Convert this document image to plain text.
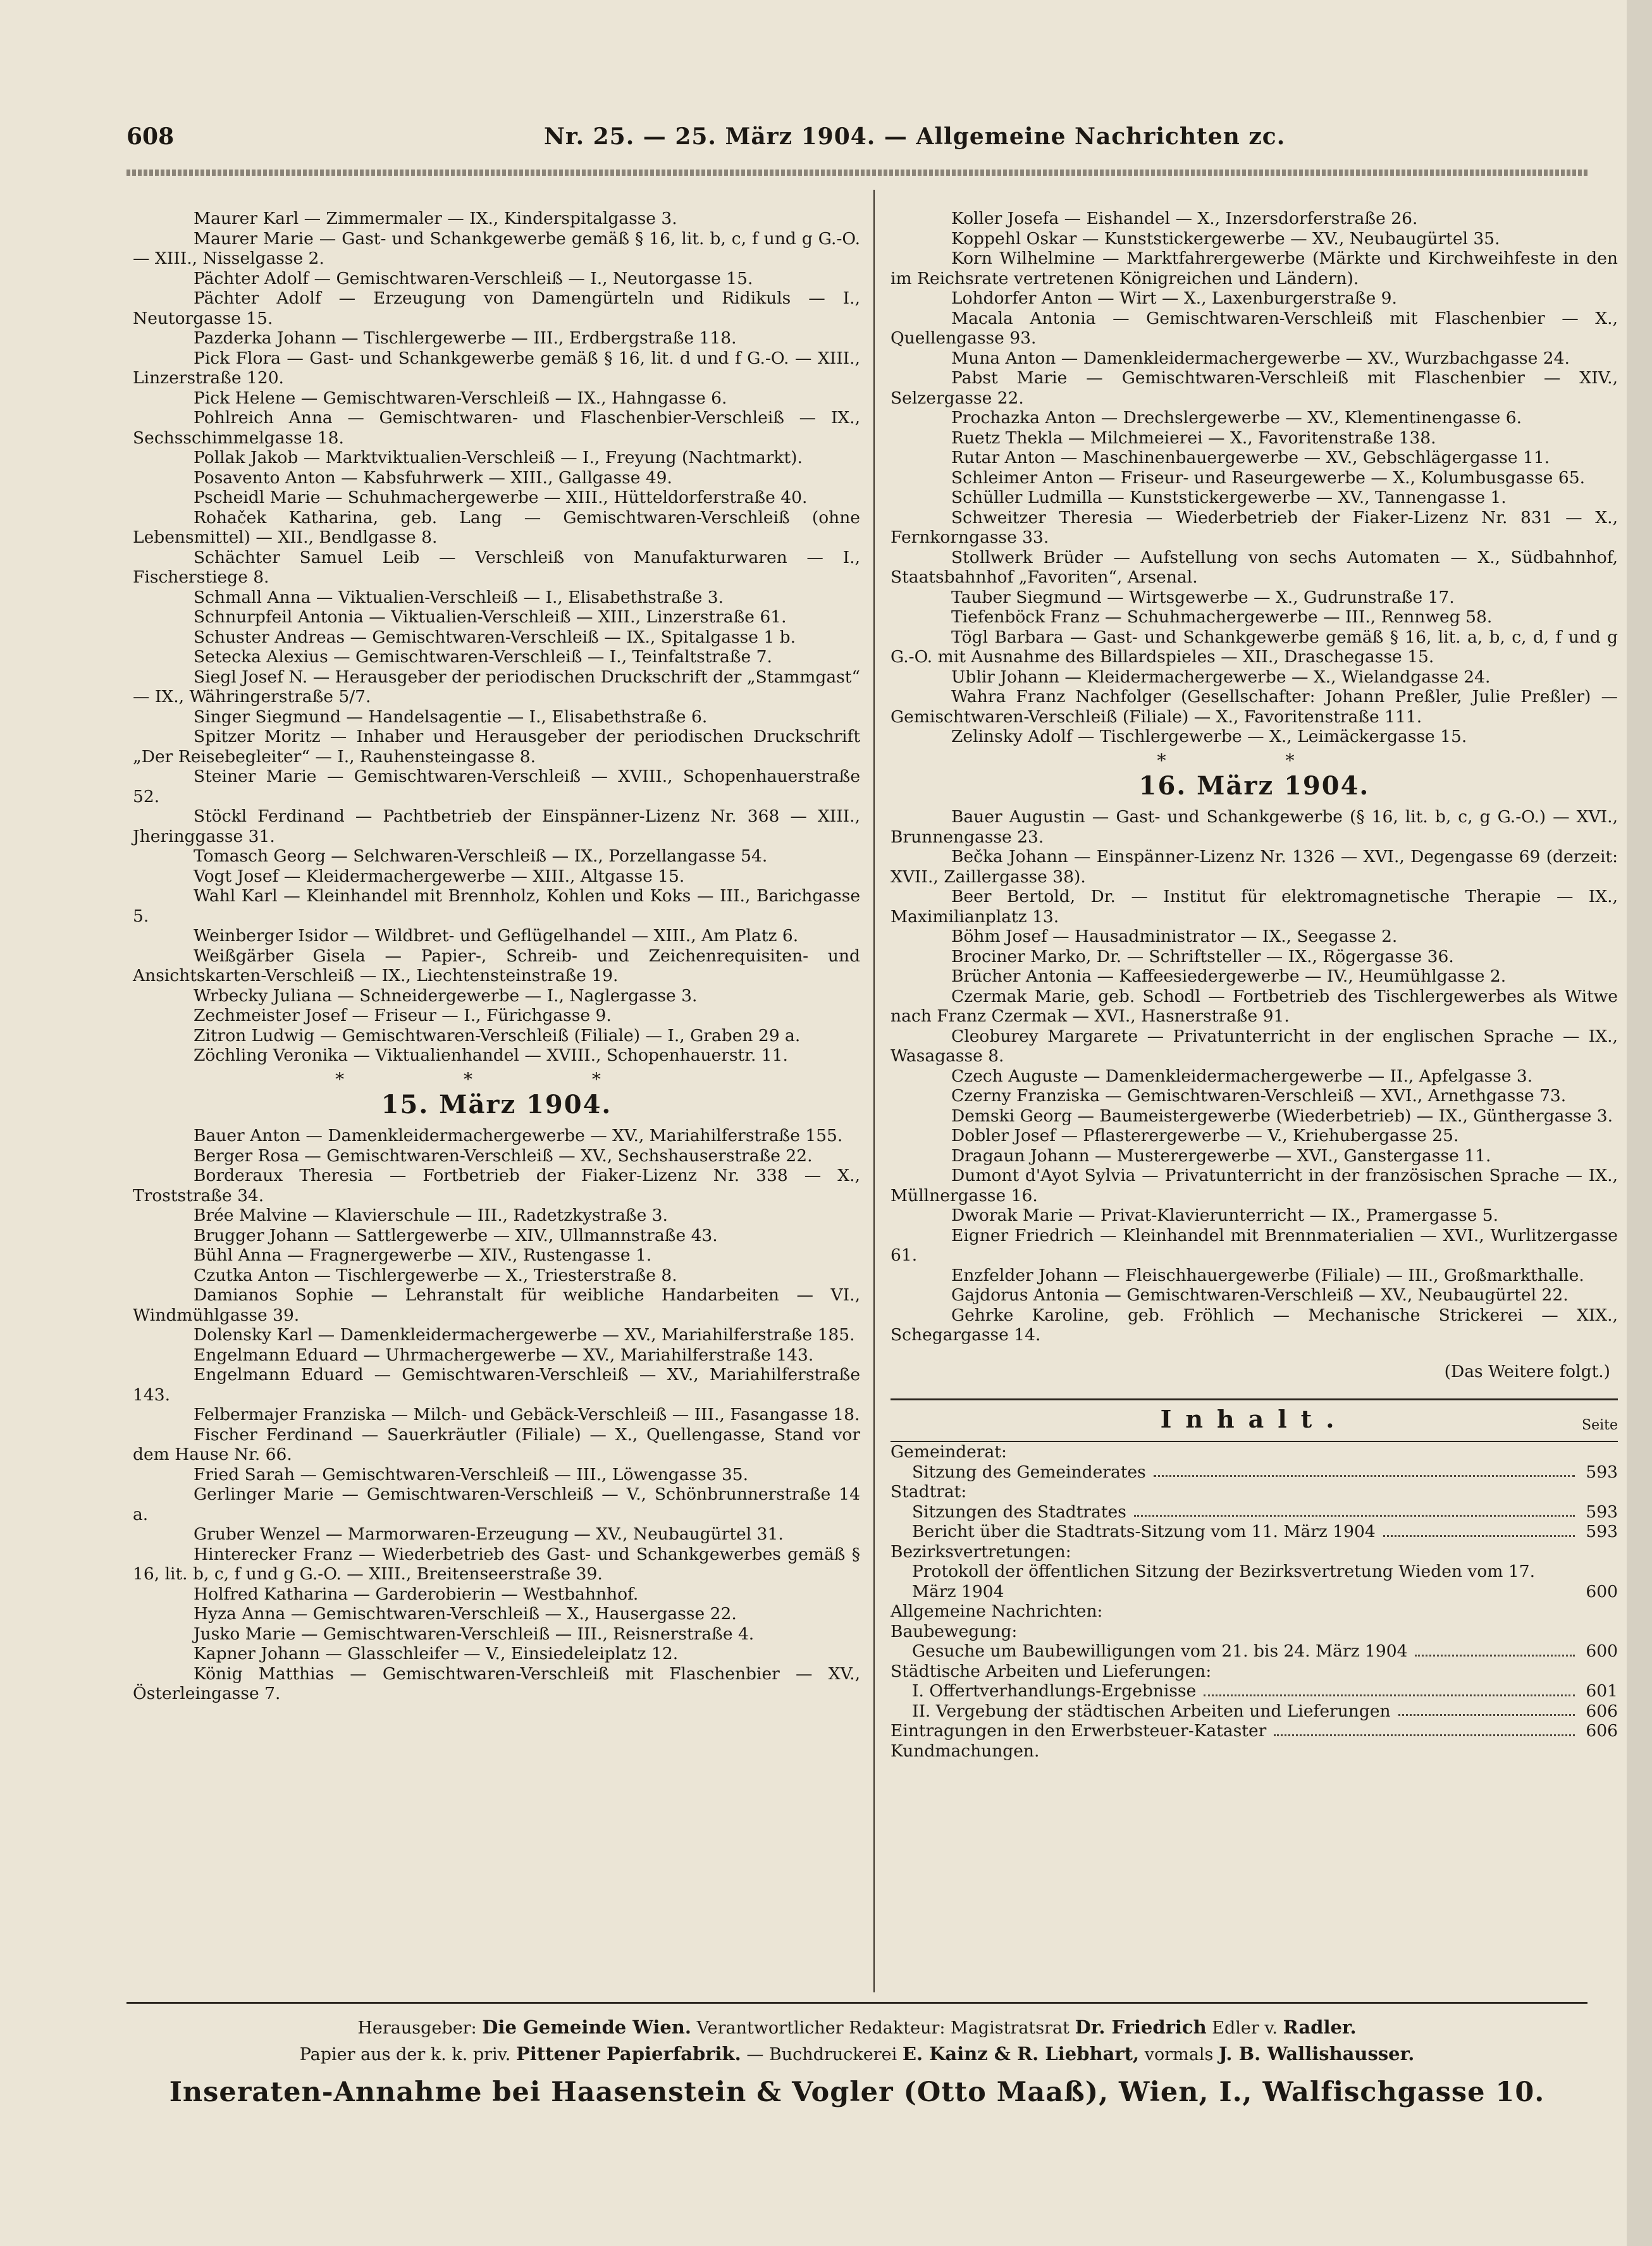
608	Nr. 25. — 25. März 1904. — Allgemeine Nachrichten zc.

Maurer Karl — Zimmermaler — IX., Kinderspitalgasse 3.

Maurer Marie — Gast- und Schankgewerbe gemäß § 16, lit. b, c, f und g G.-O. — XIII., Nisselgasse 2.

Pächter Adolf — Gemischtwaren-Verschleiß — I., Neutorgasse 15.

Pächter Adolf — Erzeugung von Damengürteln und Ridikuls — I., Neutorgasse 15.

Pazderka Johann — Tischlergewerbe — III., Erdbergstraße 118.

Pick Flora — Gast- und Schankgewerbe gemäß § 16, lit. d und f G.-O. — XIII., Linzerstraße 120.

Pick Helene — Gemischtwaren-Verschleiß — IX., Hahngasse 6.

Pohlreich Anna — Gemischtwaren- und Flaschenbier-Verschleiß — IX., Sechsschimmelgasse 18.

Pollak Jakob — Marktviktualien-Verschleiß — I., Freyung (Nachtmarkt).

Posavento Anton — Kabsfuhrwerk — XIII., Gallgasse 49.

Pscheidl Marie — Schuhmachergewerbe — XIII., Hütteldorferstraße 40.

Rohaček Katharina, geb. Lang — Gemischtwaren-Verschleiß (ohne Lebensmittel) — XII., Bendlgasse 8.

Schächter Samuel Leib — Verschleiß von Manufakturwaren — I., Fischerstiege 8.

Schmall Anna — Viktualien-Verschleiß — I., Elisabethstraße 3.

Schnurpfeil Antonia — Viktualien-Verschleiß — XIII., Linzerstraße 61.

Schuster Andreas — Gemischtwaren-Verschleiß — IX., Spitalgasse 1 b.

Setecka Alexius — Gemischtwaren-Verschleiß — I., Teinfaltstraße 7.

Siegl Josef N. — Herausgeber der periodischen Druckschrift der „Stammgast“ — IX., Währingerstraße 5/7.

Singer Siegmund — Handelsagentie — I., Elisabethstraße 6.

Spitzer Moritz — Inhaber und Herausgeber der periodischen Druckschrift „Der Reisebegleiter“ — I., Rauhensteingasse 8.

Steiner Marie — Gemischtwaren-Verschleiß — XVIII., Schopenhauerstraße 52.

Stöckl Ferdinand — Pachtbetrieb der Einspänner-Lizenz Nr. 368 — XIII., Jheringgasse 31.

Tomasch Georg — Selchwaren-Verschleiß — IX., Porzellangasse 54.

Vogt Josef — Kleidermachergewerbe — XIII., Altgasse 15.

Wahl Karl — Kleinhandel mit Brennholz, Kohlen und Koks — III., Barichgasse 5.

Weinberger Isidor — Wildbret- und Geflügelhandel — XIII., Am Platz 6.

Weißgärber Gisela — Papier-, Schreib- und Zeichenrequisiten- und Ansichtskarten-Verschleiß — IX., Liechtensteinstraße 19.

Wrbecky Juliana — Schneidergewerbe — I., Naglergasse 3.

Zechmeister Josef — Friseur — I., Fürichgasse 9.

Zitron Ludwig — Gemischtwaren-Verschleiß (Filiale) — I., Graben 29 a.

Zöchling Veronika — Viktualienhandel — XVIII., Schopenhauerstr. 11.

* * *
15. März 1904.

Bauer Anton — Damenkleidermachergewerbe — XV., Mariahilferstraße 155.

Berger Rosa — Gemischtwaren-Verschleiß — XV., Sechshauserstraße 22.

Borderaux Theresia — Fortbetrieb der Fiaker-Lizenz Nr. 338 — X., Troststraße 34.

Brée Malvine — Klavierschule — III., Radetzkystraße 3.

Brugger Johann — Sattlergewerbe — XIV., Ullmannstraße 43.

Bühl Anna — Fragnergewerbe — XIV., Rustengasse 1.

Czutka Anton — Tischlergewerbe — X., Triesterstraße 8.

Damianos Sophie — Lehranstalt für weibliche Handarbeiten — VI., Windmühlgasse 39.

Dolensky Karl — Damenkleidermachergewerbe — XV., Mariahilferstraße 185.

Engelmann Eduard — Uhrmachergewerbe — XV., Mariahilferstraße 143.

Engelmann Eduard — Gemischtwaren-Verschleiß — XV., Mariahilferstraße 143.

Felbermajer Franziska — Milch- und Gebäck-Verschleiß — III., Fasangasse 18.

Fischer Ferdinand — Sauerkräutler (Filiale) — X., Quellengasse, Stand vor dem Hause Nr. 66.

Fried Sarah — Gemischtwaren-Verschleiß — III., Löwengasse 35.

Gerlinger Marie — Gemischtwaren-Verschleiß — V., Schönbrunnerstraße 14 a.

Gruber Wenzel — Marmorwaren-Erzeugung — XV., Neubaugürtel 31.

Hinterecker Franz — Wiederbetrieb des Gast- und Schankgewerbes gemäß § 16, lit. b, c, f und g G.-O. — XIII., Breitenseerstraße 39.

Holfred Katharina — Garderobierin — Westbahnhof.

Hyza Anna — Gemischtwaren-Verschleiß — X., Hausergasse 22.

Jusko Marie — Gemischtwaren-Verschleiß — III., Reisnerstraße 4.

Kapner Johann — Glasschleifer — V., Einsiedeleiplatz 12.

König Matthias — Gemischtwaren-Verschleiß mit Flaschenbier — XV., Österleingasse 7.

Koller Josefa — Eishandel — X., Inzersdorferstraße 26.

Koppehl Oskar — Kunststickergewerbe — XV., Neubaugürtel 35.

Korn Wilhelmine — Marktfahrergewerbe (Märkte und Kirchweihfeste in den im Reichsrate vertretenen Königreichen und Ländern).

Lohdorfer Anton — Wirt — X., Laxenburgerstraße 9.

Macala Antonia — Gemischtwaren-Verschleiß mit Flaschenbier — X., Quellengasse 93.

Muna Anton — Damenkleidermachergewerbe — XV., Wurzbachgasse 24.

Pabst Marie — Gemischtwaren-Verschleiß mit Flaschenbier — XIV., Selzergasse 22.

Prochazka Anton — Drechslergewerbe — XV., Klementinengasse 6.

Ruetz Thekla — Milchmeierei — X., Favoritenstraße 138.

Rutar Anton — Maschinenbauergewerbe — XV., Gebschlägergasse 11.

Schleimer Anton — Friseur- und Raseurgewerbe — X., Kolumbusgasse 65.

Schüller Ludmilla — Kunststickergewerbe — XV., Tannengasse 1.

Schweitzer Theresia — Wiederbetrieb der Fiaker-Lizenz Nr. 831 — X., Fernkorngasse 33.

Stollwerk Brüder — Aufstellung von sechs Automaten — X., Südbahnhof, Staatsbahnhof „Favoriten“, Arsenal.

Tauber Siegmund — Wirtsgewerbe — X., Gudrunstraße 17.

Tiefenböck Franz — Schuhmachergewerbe — III., Rennweg 58.

Tögl Barbara — Gast- und Schankgewerbe gemäß § 16, lit. a, b, c, d, f und g G.-O. mit Ausnahme des Billardspieles — XII., Draschegasse 15.

Ublir Johann — Kleidermachergewerbe — X., Wielandgasse 24.

Wahra Franz Nachfolger (Gesellschafter: Johann Preßler, Julie Preßler) — Gemischtwaren-Verschleiß (Filiale) — X., Favoritenstraße 111.

Zelinsky Adolf — Tischlergewerbe — X., Leimäckergasse 15.

* *
16. März 1904.

Bauer Augustin — Gast- und Schankgewerbe (§ 16, lit. b, c, g G.-O.) — XVI., Brunnengasse 23.

Bečka Johann — Einspänner-Lizenz Nr. 1326 — XVI., Degengasse 69 (derzeit: XVII., Zaillergasse 38).

Beer Bertold, Dr. — Institut für elektromagnetische Therapie — IX., Maximilianplatz 13.

Böhm Josef — Hausadministrator — IX., Seegasse 2.

Brociner Marko, Dr. — Schriftsteller — IX., Rögergasse 36.

Brücher Antonia — Kaffeesiedergewerbe — IV., Heumühlgasse 2.

Czermak Marie, geb. Schodl — Fortbetrieb des Tischlergewerbes als Witwe nach Franz Czermak — XVI., Hasnerstraße 91.

Cleoburey Margarete — Privatunterricht in der englischen Sprache — IX., Wasagasse 8.

Czech Auguste — Damenkleidermachergewerbe — II., Apfelgasse 3.

Czerny Franziska — Gemischtwaren-Verschleiß — XVI., Arnethgasse 73.

Demski Georg — Baumeistergewerbe (Wiederbetrieb) — IX., Günthergasse 3.

Dobler Josef — Pflasterergewerbe — V., Kriehubergasse 25.

Dragaun Johann — Musterergewerbe — XVI., Ganstergasse 11.

Dumont d'Ayot Sylvia — Privatunterricht in der französischen Sprache — IX., Müllnergasse 16.

Dworak Marie — Privat-Klavierunterricht — IX., Pramergasse 5.

Eigner Friedrich — Kleinhandel mit Brennmaterialien — XVI., Wurlitzergasse 61.

Enzfelder Johann — Fleischhauergewerbe (Filiale) — III., Großmarkthalle.

Gajdorus Antonia — Gemischtwaren-Verschleiß — XV., Neubaugürtel 22.

Gehrke Karoline, geb. Fröhlich — Mechanische Strickerei — XIX., Schegargasse 14.

(Das Weitere folgt.)

Inhalt.	Seite
Gemeinderat:
Sitzung des Gemeinderates	593
Stadtrat:
Sitzungen des Stadtrates	593
Bericht über die Stadtrats-Sitzung vom 11. März 1904	593
Bezirksvertretungen:
Protokoll der öffentlichen Sitzung der Bezirksvertretung Wieden vom 17. März 1904	600
Allgemeine Nachrichten:
Baubewegung:
Gesuche um Baubewilligungen vom 21. bis 24. März 1904	600
Städtische Arbeiten und Lieferungen:
I. Offertverhandlungs-Ergebnisse	601
II. Vergebung der städtischen Arbeiten und Lieferungen	606
Eintragungen in den Erwerbsteuer-Kataster	606
Kundmachungen.
Herausgeber: Die Gemeinde Wien. Verantwortlicher Redakteur: Magistratsrat Dr. Friedrich Edler v. Radler.
Papier aus der k. k. priv. Pittener Papierfabrik. — Buchdruckerei E. Kainz & R. Liebhart, vormals J. B. Wallishausser.
Inseraten-Annahme bei Haasenstein & Vogler (Otto Maaß), Wien, I., Walfischgasse 10.
